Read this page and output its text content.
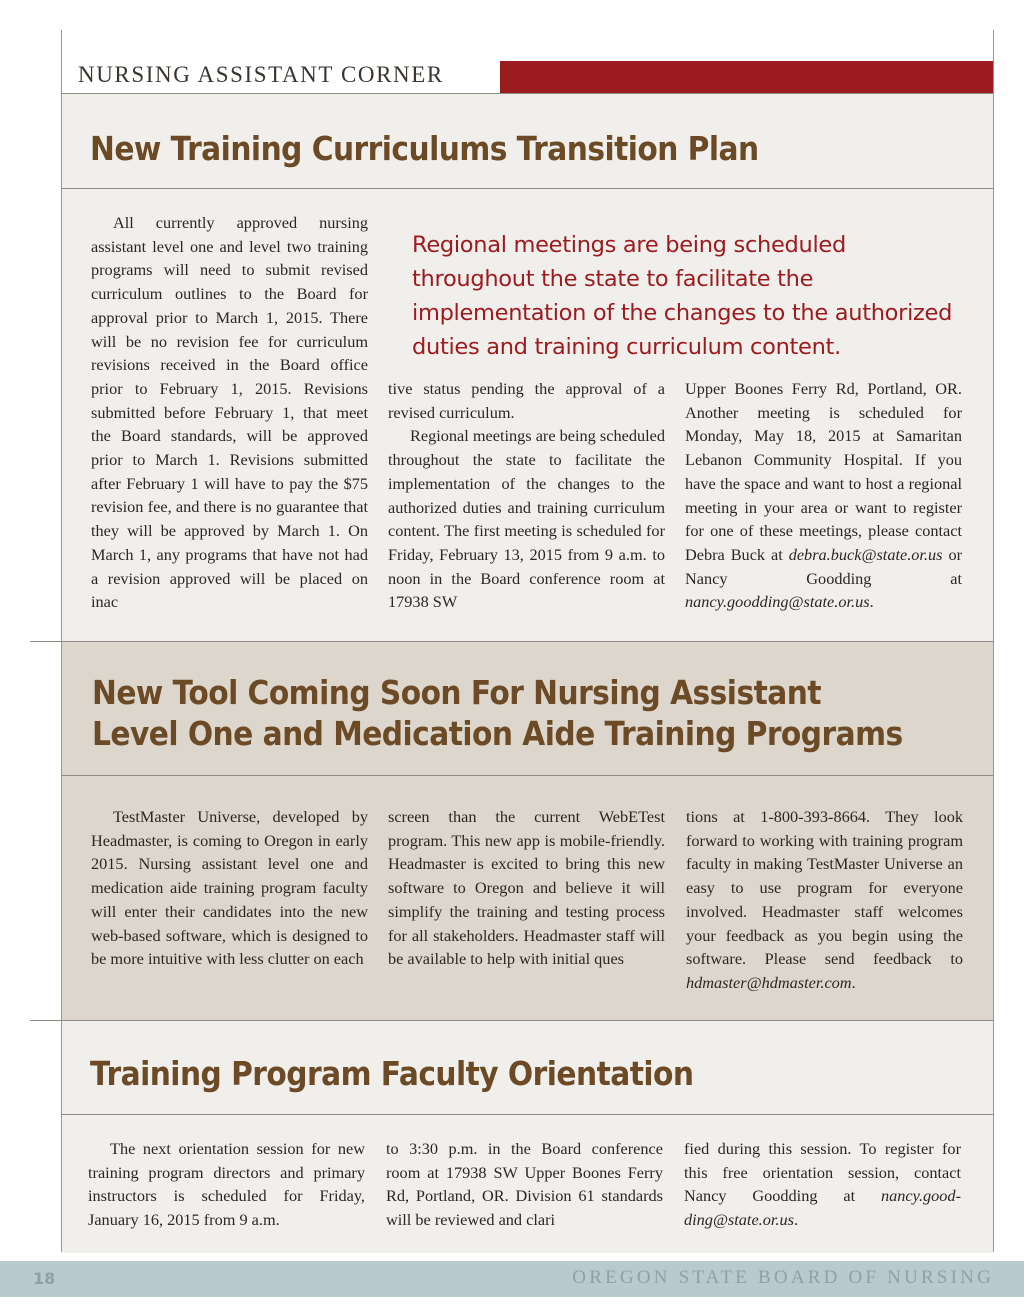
NURSING ASSISTANT CORNER
New Training Curriculums Transition Plan
Regional meetings are being scheduled throughout the state to facilitate the implementation of the changes to the authorized duties and training curriculum content.

All currently approved nursing assistant level one and level two training programs will need to submit revised curriculum outlines to the Board for approval prior to March 1, 2015. There will be no revision fee for curriculum revisions received in the Board office prior to February 1, 2015. Revisions submitted before February 1, that meet the Board standards, will be approved prior to March 1. Revisions submitted after February 1 will have to pay the $75 revision fee, and there is no guarantee that they will be approved by March 1. On March 1, any programs that have not had a revision approved will be placed on inac

tive status pending the approval of a revised curriculum.

Regional meetings are being scheduled throughout the state to facilitate the implementation of the changes to the authorized duties and training curriculum content. The first meeting is scheduled for Friday, February 13, 2015 from 9 a.m. to noon in the Board conference room at 17938 SW

Upper Boones Ferry Rd, Portland, OR. Another meeting is scheduled for Monday, May 18, 2015 at Samaritan Lebanon Community Hospital. If you have the space and want to host a regional meeting in your area or want to register for one of these meetings, please contact Debra Buck at debra.​buck@state.or.us or Nancy Goodding at nancy.goodding@state.or.us.

New Tool Coming Soon For Nursing Assistant
Level One and Medication Aide Training Programs

TestMaster Universe, developed by Headmaster, is coming to Oregon in early 2015. Nursing assistant level one and medication aide training program faculty will enter their candidates into the new web-based software, which is designed to be more intuitive with less clutter on each

screen than the current WebETest program. This new app is mobile-friendly. Headmaster is excited to bring this new software to Oregon and believe it will simplify the training and testing process for all stakeholders. Headmaster staff will be available to help with initial ques

tions at 1-800-393-8664. They look forward to working with training program faculty in making TestMaster Universe an easy to use program for everyone involved. Headmaster staff welcomes your feedback as you begin using the software. Please send feedback to hdmaster@hdmaster.com.

Training Program Faculty Orientation

The next orientation session for new training program directors and primary instructors is scheduled for Friday, January 16, 2015 from 9 a.m.

to 3:30 p.m. in the Board conference room at 17938 SW Upper Boones Ferry Rd, Portland, OR. Division 61 standards will be reviewed and clari

fied during this session. To register for this free orientation session, contact Nancy Goodding at nancy.goodding@state.or.us.

18	OREGON STATE BOARD OF NURSING
